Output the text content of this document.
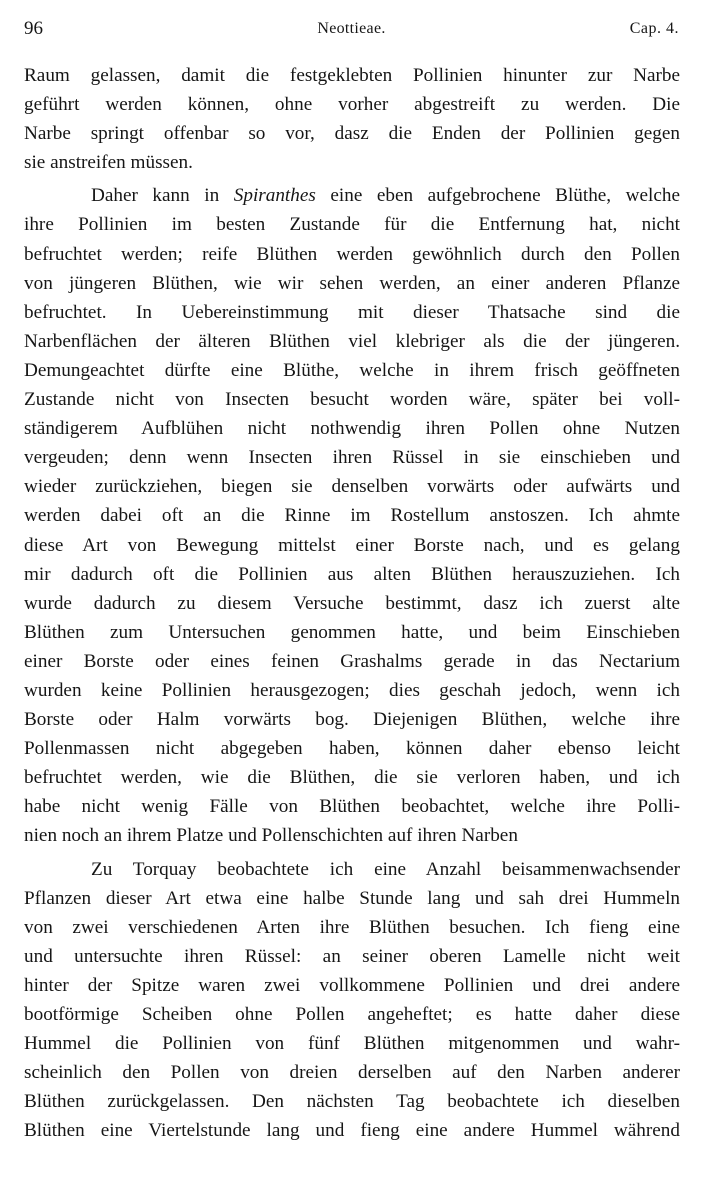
96	Neottieae.	Cap. 4.
Raum gelassen, damit die festgeklebten Pollinien hinunter zur Narbe
geführt werden können, ohne vorher abgestreift zu werden. Die
Narbe springt offenbar so vor, dasz die Enden der Pollinien gegen
sie anstreifen müssen.
Daher kann in Spiranthes eine eben aufgebrochene Blüthe, welche
ihre Pollinien im besten Zustande für die Entfernung hat, nicht
befruchtet werden; reife Blüthen werden gewöhnlich durch den Pollen
von jüngeren Blüthen, wie wir sehen werden, an einer anderen Pflanze
befruchtet. In Uebereinstimmung mit dieser Thatsache sind die
Narbenflächen der älteren Blüthen viel klebriger als die der jüngeren.
Demungeachtet dürfte eine Blüthe, welche in ihrem frisch geöffneten
Zustande nicht von Insecten besucht worden wäre, später bei voll-
ständigerem Aufblühen nicht nothwendig ihren Pollen ohne Nutzen
vergeuden; denn wenn Insecten ihren Rüssel in sie einschieben und
wieder zurückziehen, biegen sie denselben vorwärts oder aufwärts und
werden dabei oft an die Rinne im Rostellum anstoszen. Ich ahmte
diese Art von Bewegung mittelst einer Borste nach, und es gelang
mir dadurch oft die Pollinien aus alten Blüthen herauszuziehen. Ich
wurde dadurch zu diesem Versuche bestimmt, dasz ich zuerst alte
Blüthen zum Untersuchen genommen hatte, und beim Einschieben
einer Borste oder eines feinen Grashalms gerade in das Nectarium
wurden keine Pollinien herausgezogen; dies geschah jedoch, wenn ich
Borste oder Halm vorwärts bog. Diejenigen Blüthen, welche ihre
Pollenmassen nicht abgegeben haben, können daher ebenso leicht
befruchtet werden, wie die Blüthen, die sie verloren haben, und ich
habe nicht wenig Fälle von Blüthen beobachtet, welche ihre Polli-
nien noch an ihrem Platze und Pollenschichten auf ihren Narben
Zu Torquay beobachtete ich eine Anzahl beisammenwachsender
Pflanzen dieser Art etwa eine halbe Stunde lang und sah drei Hummeln
von zwei verschiedenen Arten ihre Blüthen besuchen. Ich fieng eine
und untersuchte ihren Rüssel: an seiner oberen Lamelle nicht weit
hinter der Spitze waren zwei vollkommene Pollinien und drei andere
bootförmige Scheiben ohne Pollen angeheftet; es hatte daher diese
Hummel die Pollinien von fünf Blüthen mitgenommen und wahr-
scheinlich den Pollen von dreien derselben auf den Narben anderer
Blüthen zurückgelassen. Den nächsten Tag beobachtete ich dieselben
Blüthen eine Viertelstunde lang und fieng eine andere Hummel während
